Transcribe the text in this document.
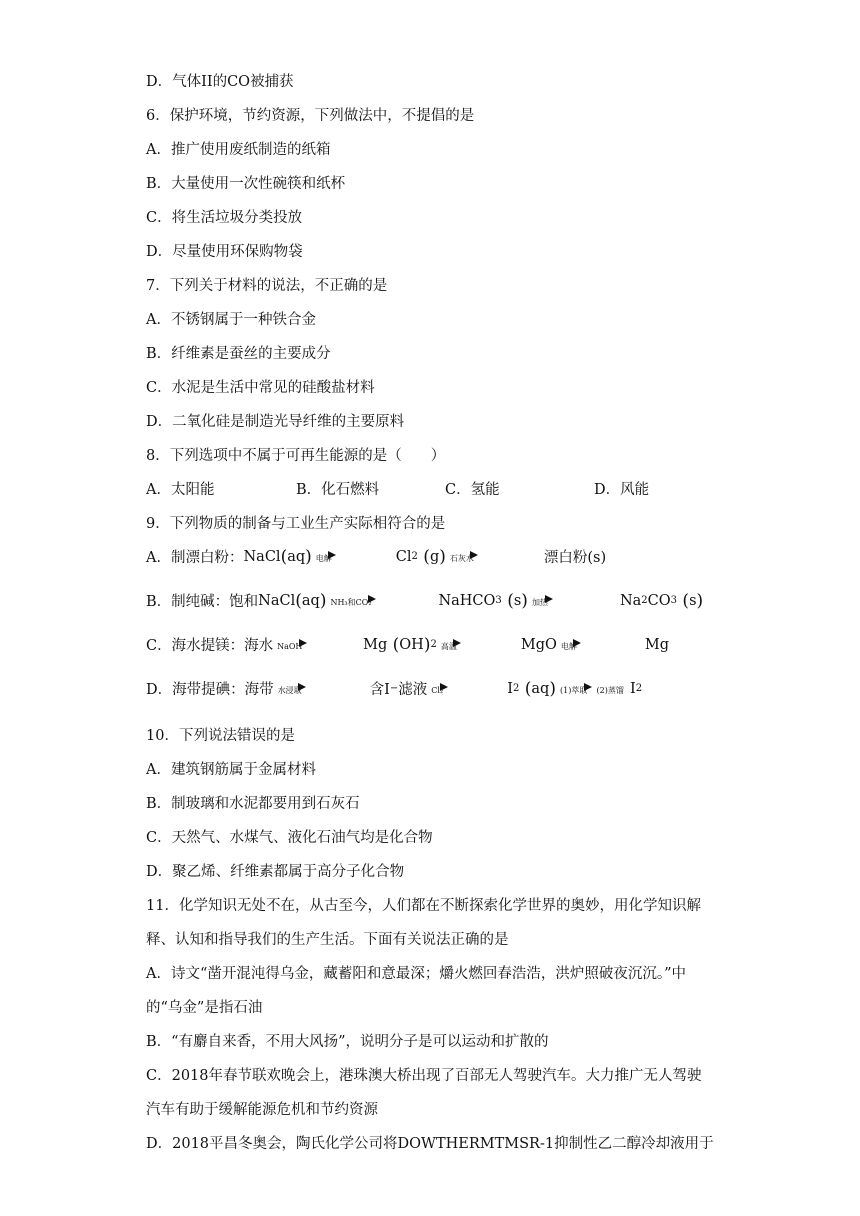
D．气体II的CO被捕获
6．保护环境，节约资源，下列做法中，不提倡的是
A．推广使用废纸制造的纸箱
B．大量使用一次性碗筷和纸杯
C．将生活垃圾分类投放
D．尽量使用环保购物袋
7．下列关于材料的说法，不正确的是
A．不锈钢属于一种铁合金
B．纤维素是蚕丝的主要成分
C．水泥是生活中常见的硅酸盐材料
D．二氧化硅是制造光导纤维的主要原料
8．下列选项中不属于可再生能源的是（　　）
A．太阳能	B．化石燃料	C．氢能	D．风能
9．下列物质的制备与工业生产实际相符合的是
A．制漂白粉： NaCl ( aq ) 电解	Cl 2 ( g ) 石灰水	漂白粉(s)
B．制纯碱：饱和 NaCl ( aq ) NH₃和CO₂	NaHCO 3 ( s ) 加热	Na 2 CO 3 ( s )
C．海水提镁：海水 NaOH	Mg ( OH ) 2 高温	MgO 电解	Mg
D．海带提碘：海带 水浸取	含I − 滤液 Cl₂	I 2 ( aq ) (1)萃取 (2)蒸馏 I 2
10．下列说法错误的是
A．建筑钢筋属于金属材料
B．制玻璃和水泥都要用到石灰石
C．天然气、水煤气、液化石油气均是化合物
D．聚乙烯、纤维素都属于高分子化合物
11．化学知识无处不在，从古至今，人们都在不断探索化学世界的奥妙，用化学知识解
释、认知和指导我们的生产生活。下面有关说法正确的是
A．诗文“凿开混沌得乌金，藏蓄阳和意最深；爝火燃回春浩浩，洪炉照破夜沉沉。”中
的“乌金”是指石油
B．“有麝自来香，不用大风扬”，说明分子是可以运动和扩散的
C．2018年春节联欢晚会上，港珠澳大桥出现了百部无人驾驶汽车。大力推广无人驾驶
汽车有助于缓解能源危机和节约资源
D．2018平昌冬奥会，陶氏化学公司将DOWTHERMTMSR-1抑制性乙二醇冷却液用于
